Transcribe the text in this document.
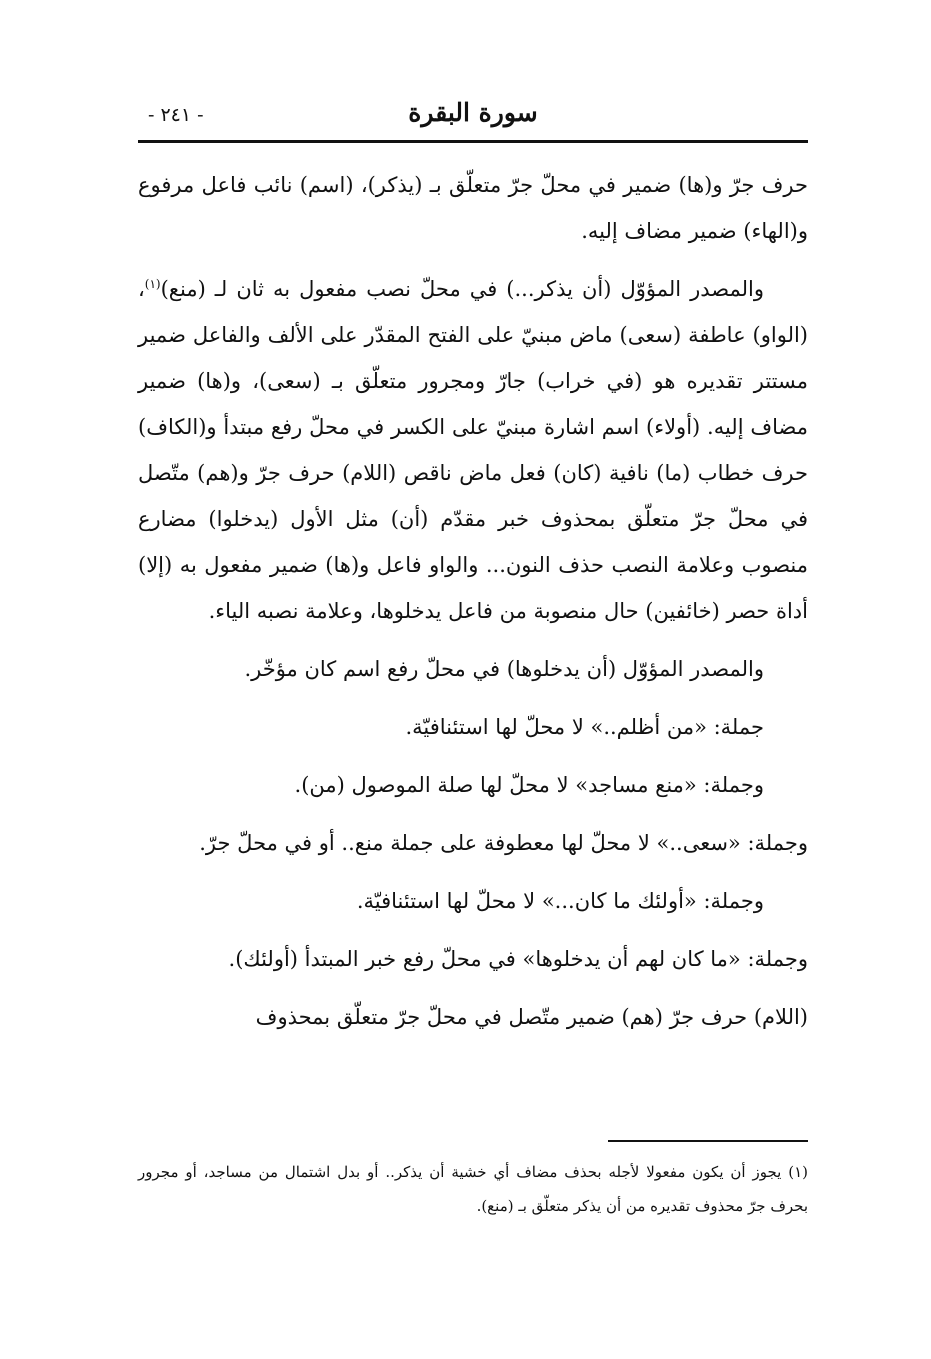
سورة البقرة
- ٢٤١ -

حرف جرّ و(ها) ضمير في محلّ جرّ متعلّق بـ (يذكر)، (اسم) نائب فاعل مرفوع و(الهاء) ضمير مضاف إليه.

والمصدر المؤوّل (أن يذكر...) في محلّ نصب مفعول به ثان لـ (منع)$^{(١)}$، (الواو) عاطفة (سعى) ماض مبنيّ على الفتح المقدّر على الألف والفاعل ضمير مستتر تقديره هو (في خراب) جارّ ومجرور متعلّق بـ (سعى)، و(ها) ضمير مضاف إليه. (أولاء) اسم اشارة مبنيّ على الكسر في محلّ رفع مبتدأ و(الكاف) حرف خطاب (ما) نافية (كان) فعل ماض ناقص (اللام) حرف جرّ و(هم) متّصل في محلّ جرّ متعلّق بمحذوف خبر مقدّم (أن) مثل الأول (يدخلوا) مضارع منصوب وعلامة النصب حذف النون... والواو فاعل و(ها) ضمير مفعول به (إلا) أداة حصر (خائفين) حال منصوبة من فاعل يدخلوها، وعلامة نصبه الياء.

والمصدر المؤوّل (أن يدخلوها) في محلّ رفع اسم كان مؤخّر.

جملة: «من أظلم..» لا محلّ لها استئنافيّة.

وجملة: «منع مساجد» لا محلّ لها صلة الموصول (من).

وجملة: «سعى..» لا محلّ لها معطوفة على جملة منع.. أو في محلّ جرّ.

وجملة: «أولئك ما كان...» لا محلّ لها استئنافيّة.

وجملة: «ما كان لهم أن يدخلوها» في محلّ رفع خبر المبتدأ (أولئك).

(اللام) حرف جرّ (هم) ضمير متّصل في محلّ جرّ متعلّق بمحذوف

(١) يجوز أن يكون مفعولا لأجله بحذف مضاف أي خشية أن يذكر.. أو بدل اشتمال من مساجد، أو مجرور بحرف جرّ محذوف تقديره من أن يذكر متعلّق بـ (منع).
